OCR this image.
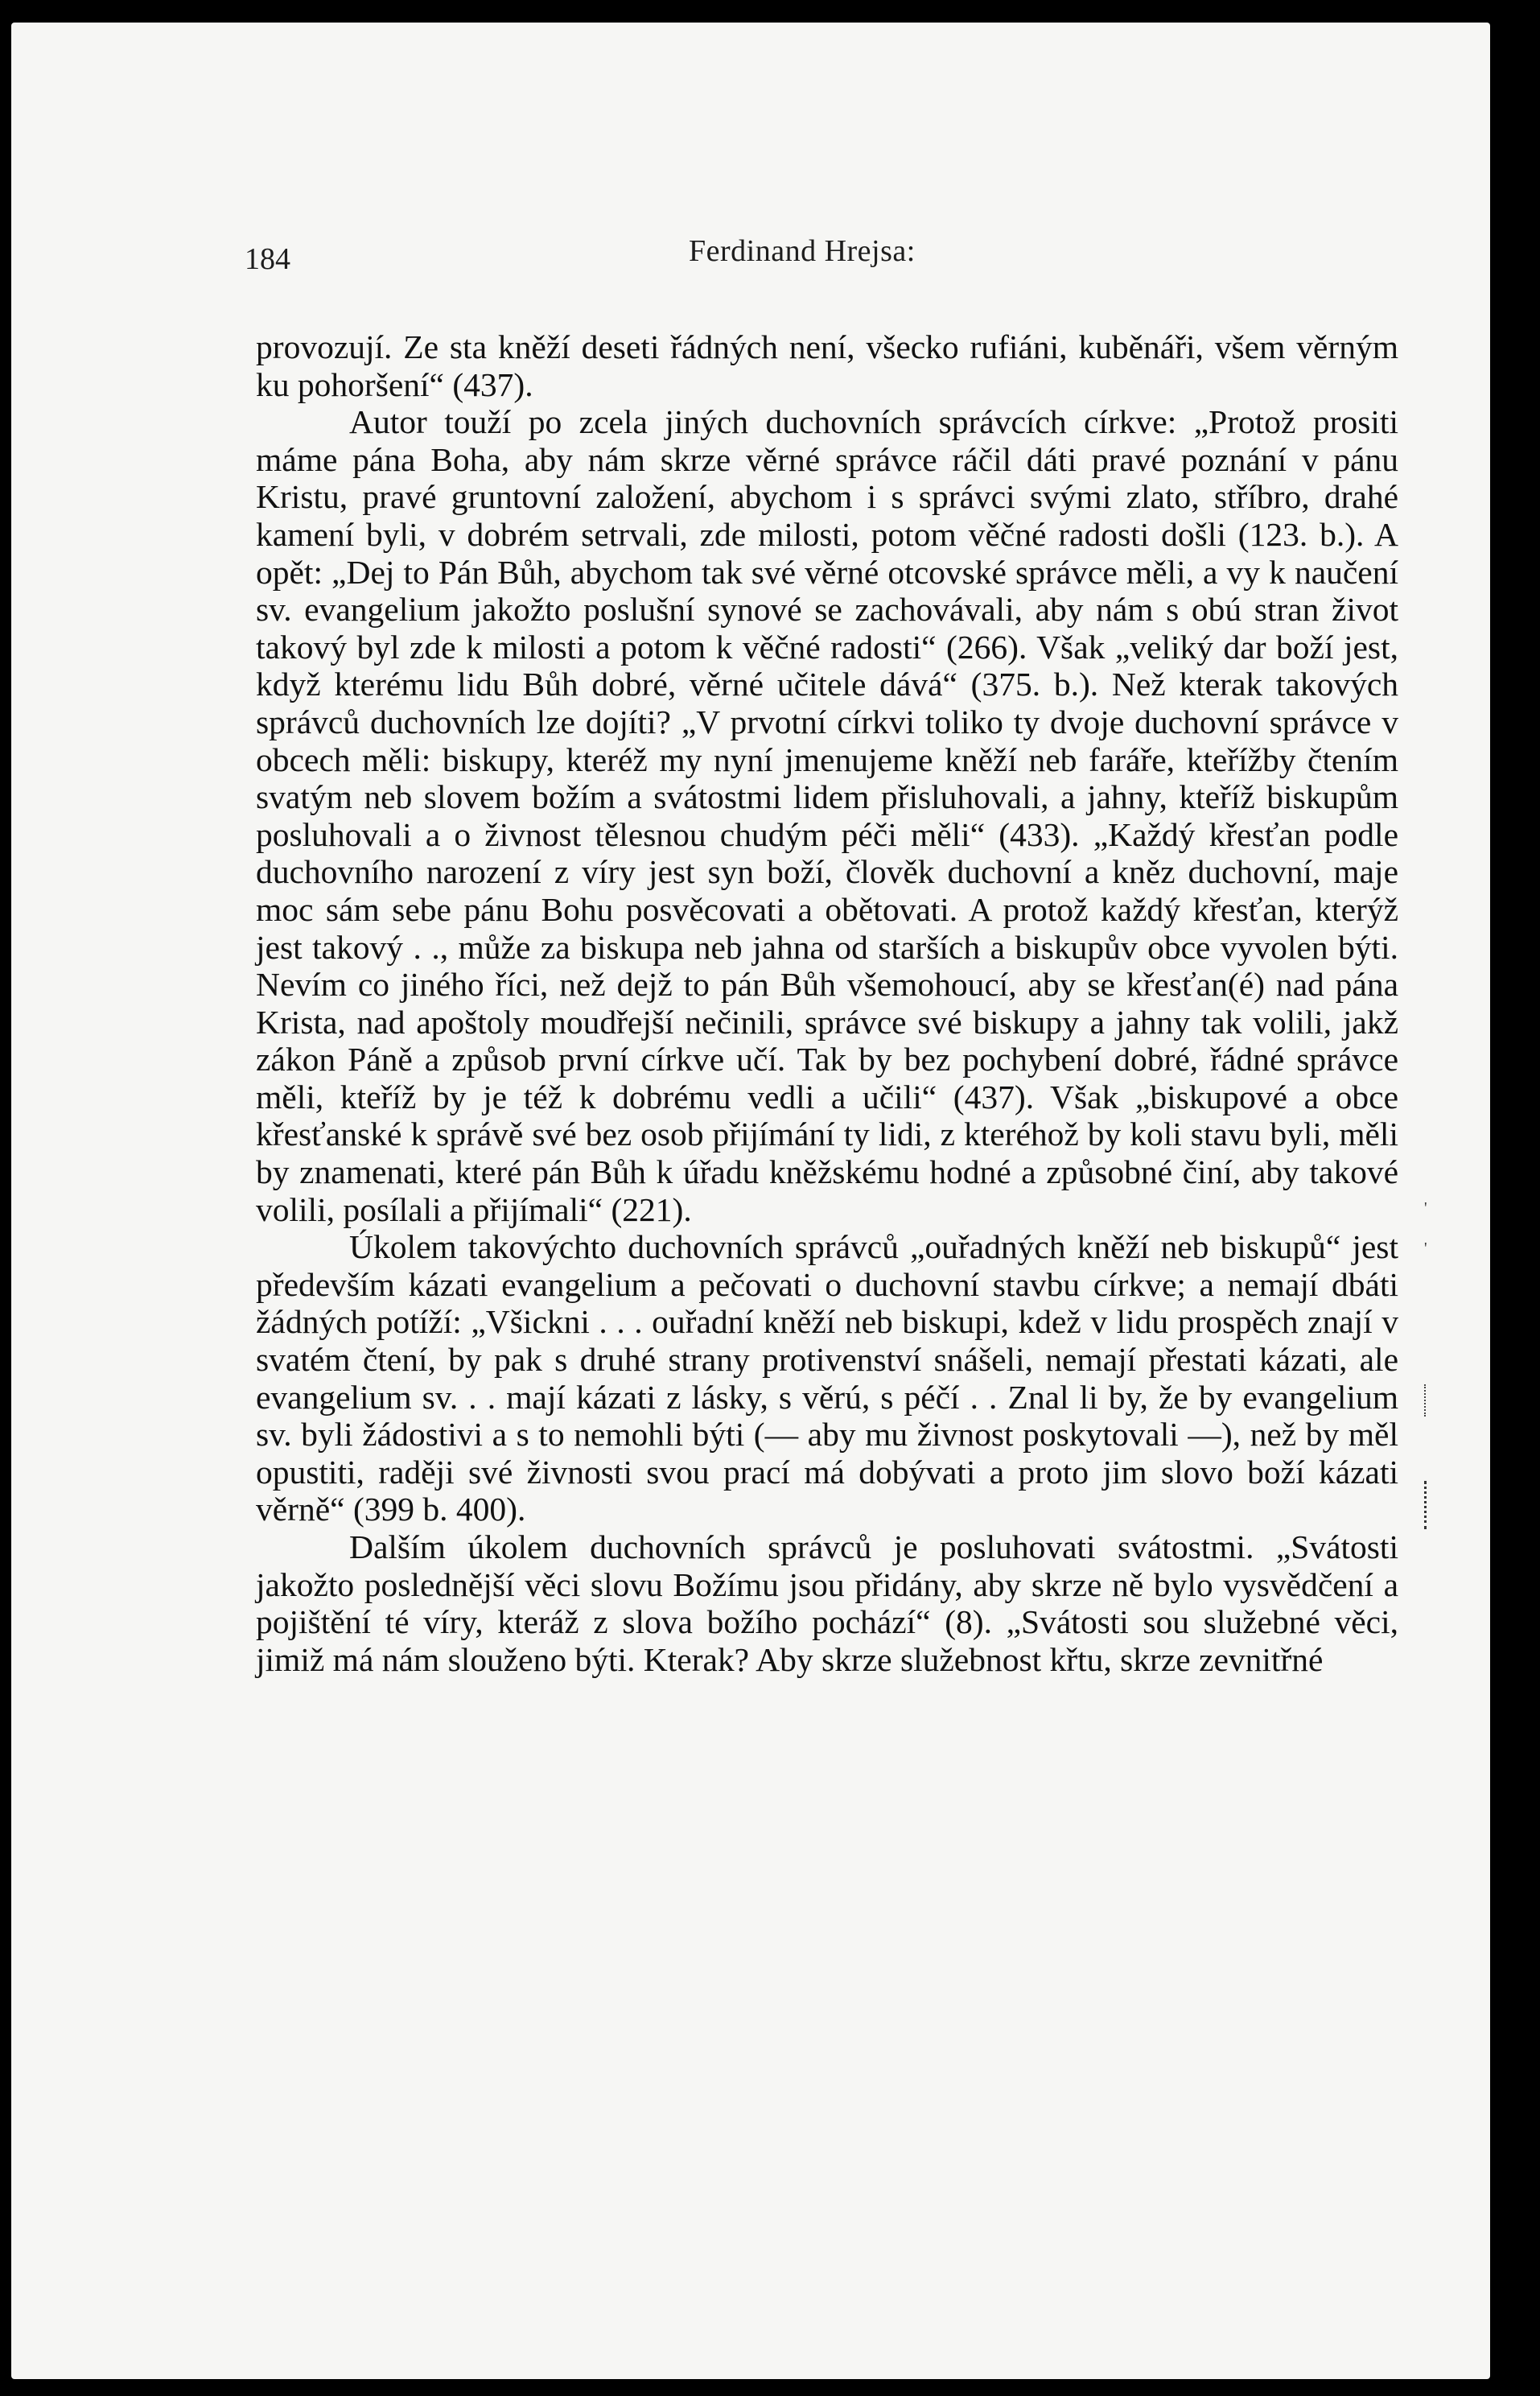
184	Ferdinand Hrejsa:

provozují. Ze sta kněží deseti řádných není, všecko rufiáni, kuběnáři, všem věrným ku pohoršení“ (437).

Autor touží po zcela jiných duchovních správcích církve: „Protož prositi máme pána Boha, aby nám skrze věrné správce ráčil dáti pravé poznání v pánu Kristu, pravé gruntovní založení, abychom i s správci svými zlato, stříbro, drahé kamení byli, v dobrém setrvali, zde milosti, potom věčné radosti došli (123. b.). A opět: „Dej to Pán Bůh, abychom tak své věrné otcovské správce měli, a vy k naučení sv. evangelium jakožto poslušní synové se zachovávali, aby nám s obú stran život takový byl zde k milosti a potom k věčné radosti“ (266). Však „veliký dar boží jest, když kterému lidu Bůh dobré, věrné učitele dává“ (375. b.). Než kterak takových správců duchovních lze dojíti? „V prvotní církvi toliko ty dvoje duchovní správce v obcech měli: biskupy, kteréž my nyní jmenujeme kněží neb faráře, kteřížby čtením svatým neb slovem božím a svátostmi lidem přisluhovali, a jahny, kteříž biskupům posluhovali a o živnost tělesnou chudým péči měli“ (433). „Každý křesťan podle duchovního narození z víry jest syn boží, člověk duchovní a kněz duchovní, maje moc sám sebe pánu Bohu posvěcovati a obětovati. A protož každý křesťan, kterýž jest takový . ., může za biskupa neb jahna od starších a biskupův obce vyvolen býti. Nevím co jiného říci, než dejž to pán Bůh všemohoucí, aby se křesťan(é) nad pána Krista, nad apoštoly moudřejší nečinili, správce své biskupy a jahny tak volili, jakž zákon Páně a způsob první církve učí. Tak by bez pochybení dobré, řádné správce měli, kteříž by je též k dobrému vedli a učili“ (437). Však „biskupové a obce křesťanské k správě své bez osob přijímání ty lidi, z kteréhož by koli stavu byli, měli by znamenati, které pán Bůh k úřadu kněžskému hodné a způsobné činí, aby takové volili, posílali a přijímali“ (221).

Úkolem takovýchto duchovních správců „ouřadných kněží neb biskupů“ jest především kázati evangelium a pečovati o duchovní stavbu církve; a nemají dbáti žádných potíží: „Všickni . . . ouřadní kněží neb biskupi, kdež v lidu prospěch znají v svatém čtení, by pak s druhé strany protivenství snášeli, nemají přestati kázati, ale evangelium sv. . . mají kázati z lásky, s věrú, s péčí . . Znal li by, že by evangelium sv. byli žádostivi a s to nemohli býti (— aby mu živnost poskytovali —), než by měl opustiti, raději své živnosti svou prací má dobývati a proto jim slovo boží kázati věrně“ (399 b. 400).

Dalším úkolem duchovních správců je posluhovati svátostmi. „Svátosti jakožto poslednější věci slovu Božímu jsou přidány, aby skrze ně bylo vysvědčení a pojištění té víry, kteráž z slova božího pochází“ (8). „Svátosti sou služebné věci, jimiž má nám slouženo býti. Kterak? Aby skrze služebnost křtu, skrze zevnitřné

'
'
